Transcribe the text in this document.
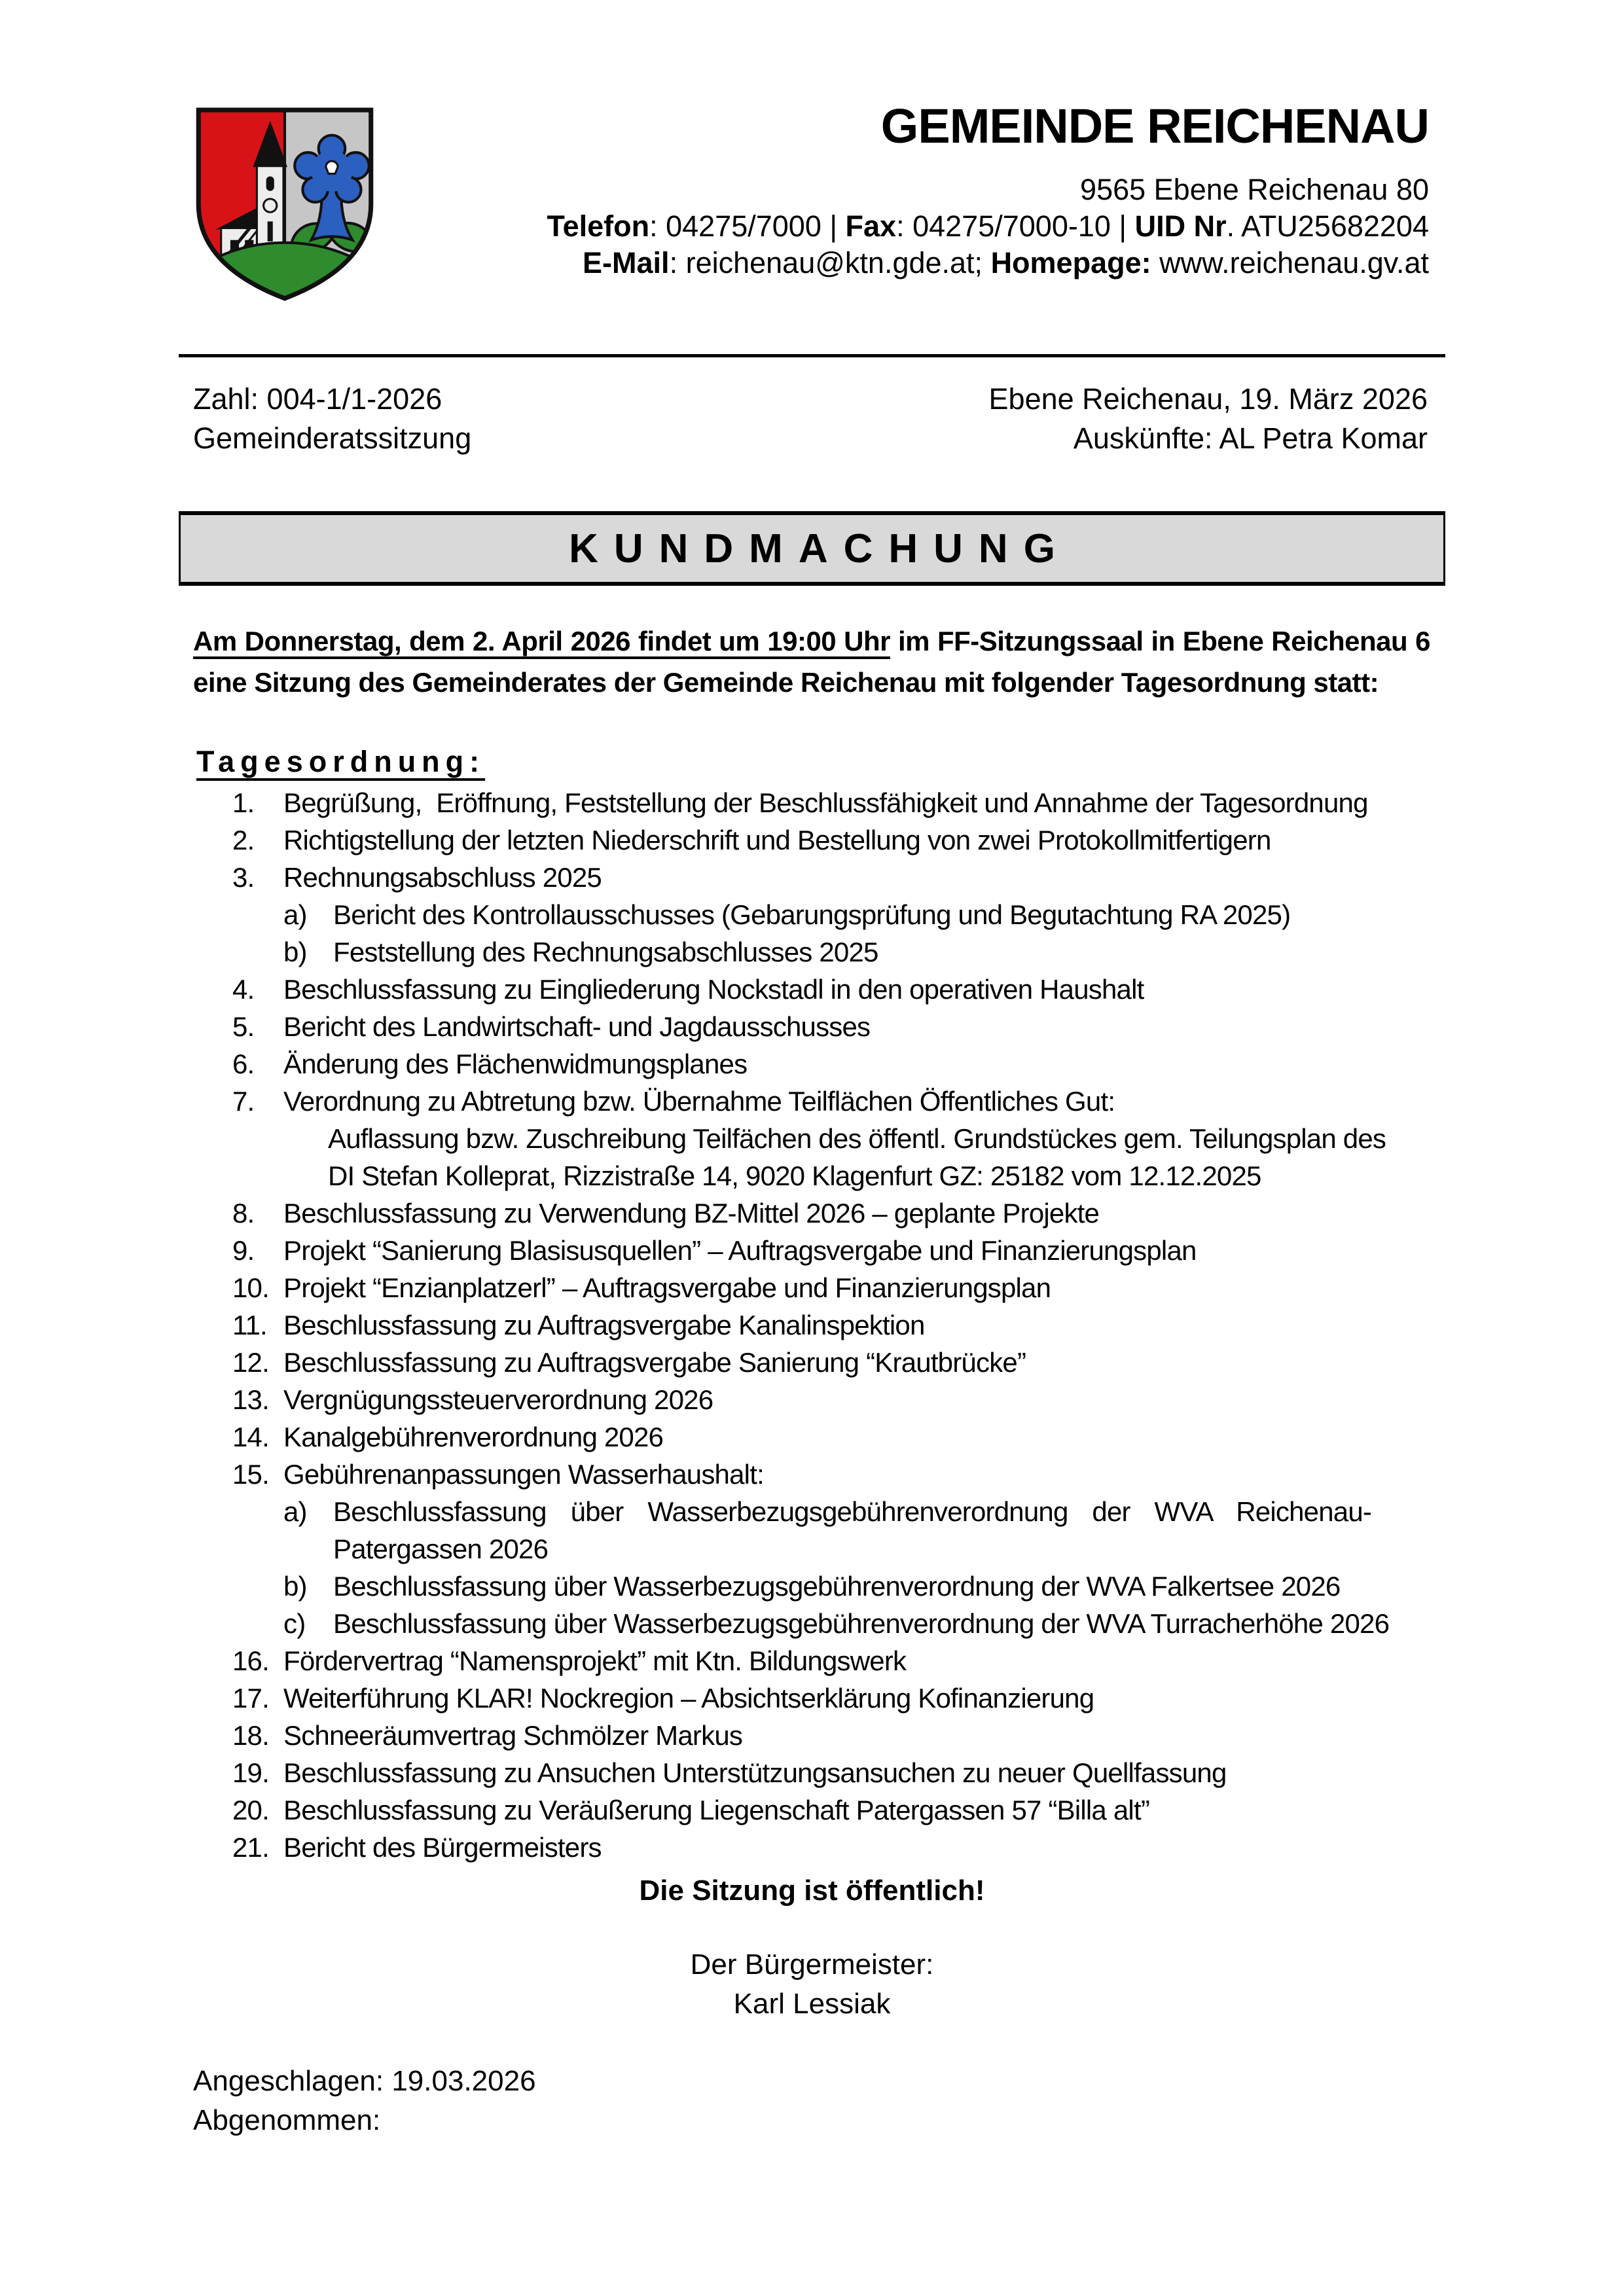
GEMEINDE REICHENAU
9565 Ebene Reichenau 80
Telefon: 04275/7000 | Fax: 04275/7000-10 | UID Nr. ATU25682204
E-Mail: reichenau@ktn.gde.at; Homepage: www.reichenau.gv.at
Zahl: 004-1/1-2026
Gemeinderatssitzung
Ebene Reichenau, 19. März 2026
Auskünfte: AL Petra Komar
KUNDMACHUNG

Am Donnerstag, dem 2. April 2026 findet um 19:00 Uhr im FF-Sitzungssaal in Ebene Reichenau 6 eine Sitzung des Gemeinderates der Gemeinde Reichenau mit folgender Tagesordnung statt:

Tagesordnung:
1. Begrüßung,  Eröffnung, Feststellung der Beschlussfähigkeit und Annahme der Tagesordnung
2. Richtigstellung der letzten Niederschrift und Bestellung von zwei Protokollmitfertigern
3. Rechnungsabschluss 2025
a) Bericht des Kontrollausschusses (Gebarungsprüfung und Begutachtung RA 2025)
b) Feststellung des Rechnungsabschlusses 2025
4. Beschlussfassung zu Eingliederung Nockstadl in den operativen Haushalt
5. Bericht des Landwirtschaft- und Jagdausschusses
6. Änderung des Flächenwidmungsplanes
7. Verordnung zu Abtretung bzw. Übernahme Teilflächen Öffentliches Gut:
Auflassung bzw. Zuschreibung Teilfächen des öffentl. Grundstückes gem. Teilungsplan des
DI Stefan Kolleprat, Rizzistraße 14, 9020 Klagenfurt GZ: 25182 vom 12.12.2025
8. Beschlussfassung zu Verwendung BZ-Mittel 2026 – geplante Projekte
9. Projekt “Sanierung Blasisusquellen” – Auftragsvergabe und Finanzierungsplan
10. Projekt “Enzianplatzerl” – Auftragsvergabe und Finanzierungsplan
11. Beschlussfassung zu Auftragsvergabe Kanalinspektion
12. Beschlussfassung zu Auftragsvergabe Sanierung “Krautbrücke”
13. Vergnügungssteuerverordnung 2026
14. Kanalgebührenverordnung 2026
15. Gebührenanpassungen Wasserhaushalt:
a) Beschlussfassung über Wasserbezugsgebührenverordnung der WVA Reichenau-
Patergassen 2026
b) Beschlussfassung über Wasserbezugsgebührenverordnung der WVA Falkertsee 2026
c) Beschlussfassung über Wasserbezugsgebührenverordnung der WVA Turracherhöhe 2026
16. Fördervertrag “Namensprojekt” mit Ktn. Bildungswerk
17. Weiterführung KLAR! Nockregion – Absichtserklärung Kofinanzierung
18. Schneeräumvertrag Schmölzer Markus
19. Beschlussfassung zu Ansuchen Unterstützungsansuchen zu neuer Quellfassung
20. Beschlussfassung zu Veräußerung Liegenschaft Patergassen 57 “Billa alt”
21. Bericht des Bürgermeisters

Die Sitzung ist öffentlich!

Der Bürgermeister:
Karl Lessiak
Angeschlagen: 19.03.2026
Abgenommen:
